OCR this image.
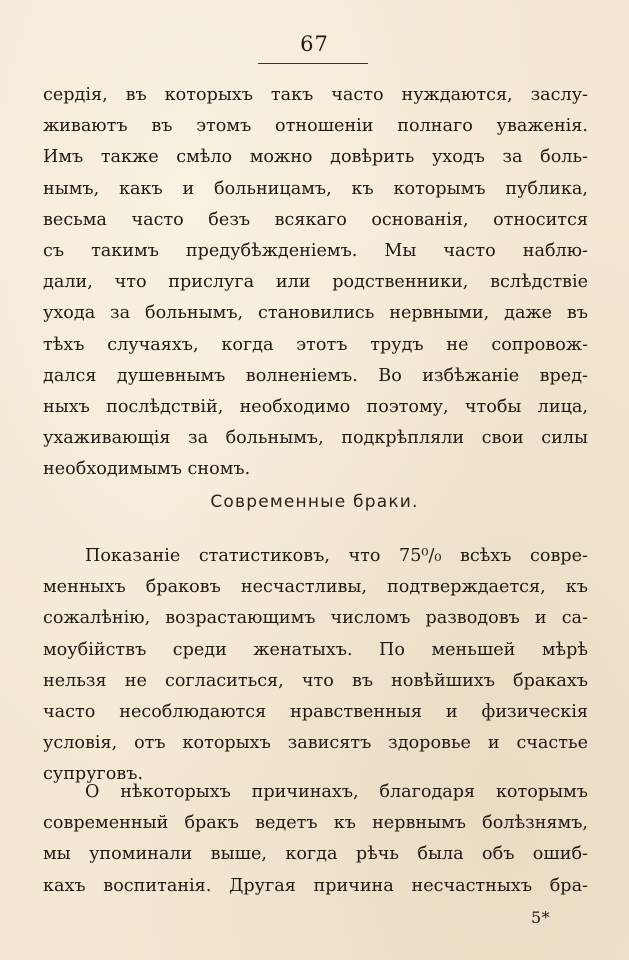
67
сердія, въ которыхъ такъ часто нуждаются, заслу-
живаютъ въ этомъ отношеніи полнаго уваженія.
Имъ также смѣло можно довѣрить уходъ за боль-
нымъ, какъ и больницамъ, къ которымъ публика,
весьма часто безъ всякаго основанія, относится
съ такимъ предубѣжденіемъ. Мы часто наблю-
дали, что прислуга или родственники, вслѣдствіе
ухода за больнымъ, становились нервными, даже въ
тѣхъ случаяхъ, когда этотъ трудъ не сопровож-
дался душевнымъ волненіемъ. Во избѣжаніе вред-
ныхъ послѣдствій, необходимо поэтому, чтобы лица,
ухаживающія за больнымъ, подкрѣпляли свои силы
необходимымъ сномъ.
Современные браки.
Показаніе статистиковъ, что 75⁰/₀ всѣхъ совре-
менныхъ браковъ несчастливы, подтверждается, къ
сожалѣнію, возрастающимъ числомъ разводовъ и са-
моубійствъ среди женатыхъ. По меньшей мѣрѣ
нельзя не согласиться, что въ новѣйшихъ бракахъ
часто несоблюдаются нравственныя и физическія
условія, отъ которыхъ зависятъ здоровье и счастье
супруговъ.
О нѣкоторыхъ причинахъ, благодаря которымъ
современный бракъ ведетъ къ нервнымъ болѣзнямъ,
мы упоминали выше, когда рѣчь была объ ошиб-
кахъ воспитанія. Другая причина несчастныхъ бра-
5*
